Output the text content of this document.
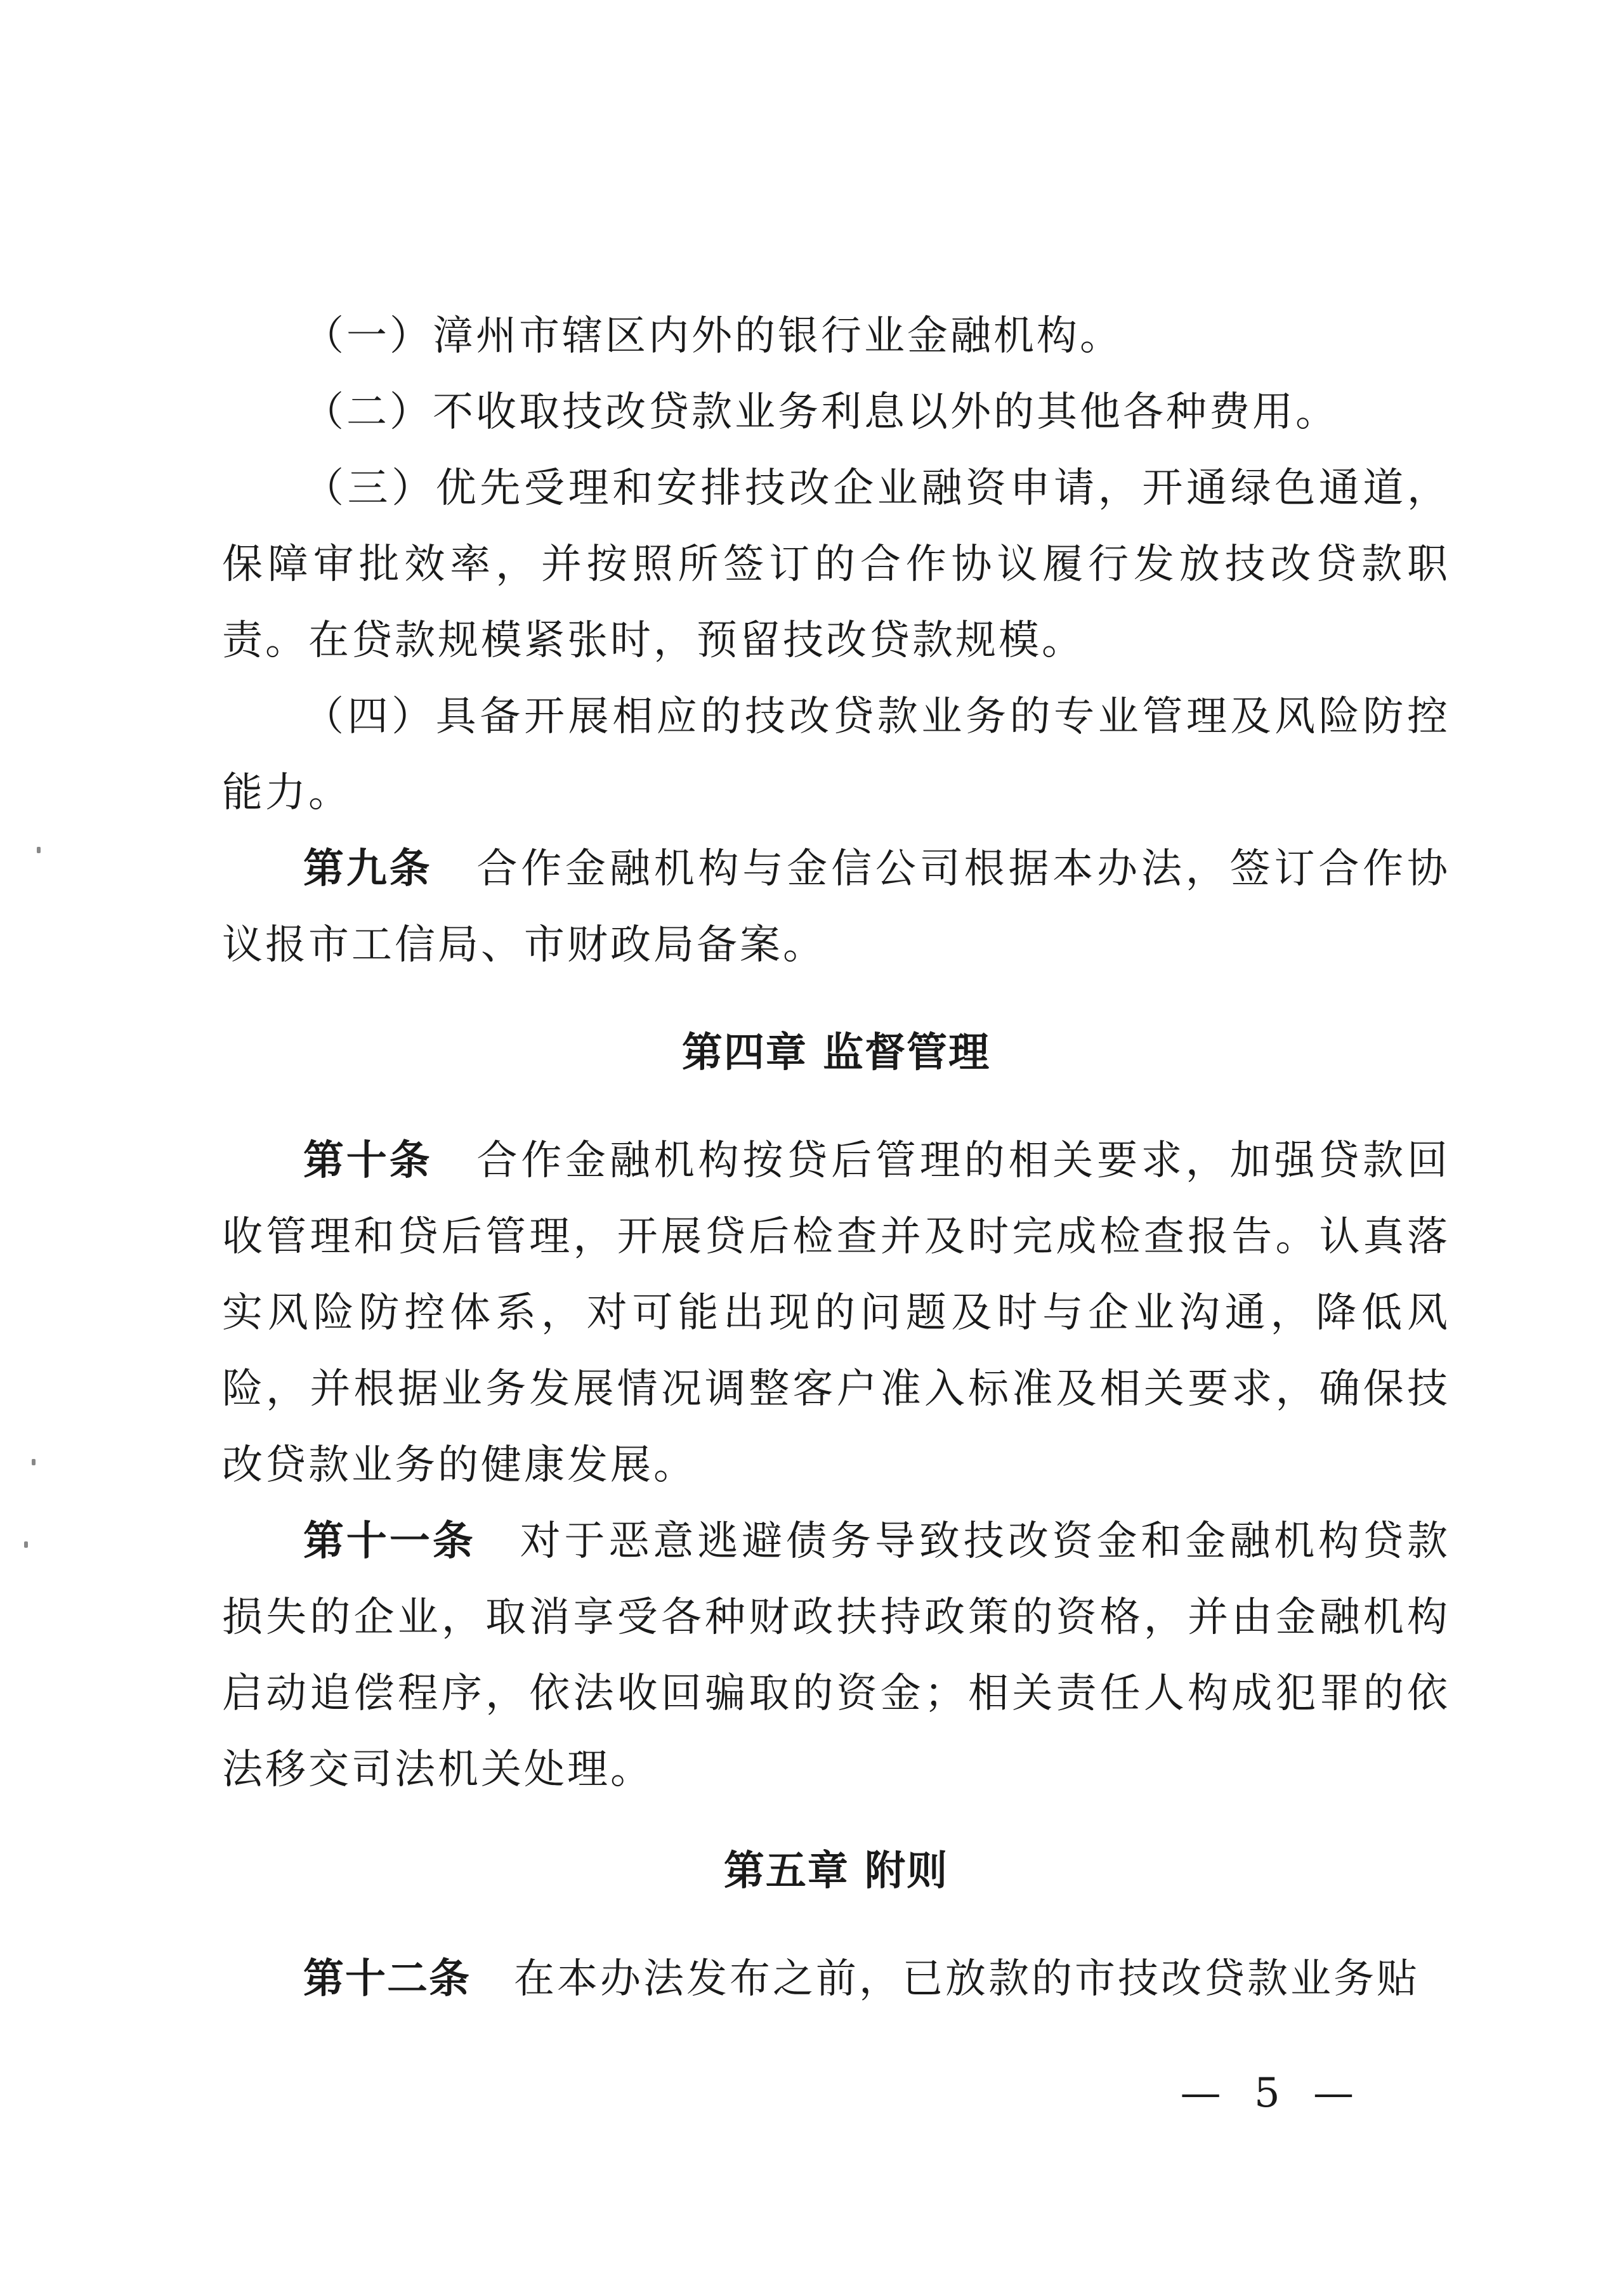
（一）漳州市辖区内外的银行业金融机构。

（二）不收取技改贷款业务利息以外的其他各种费用。

（三）优先受理和安排技改企业融资申请，开通绿色通道，保障审批效率，并按照所签订的合作协议履行发放技改贷款职责。在贷款规模紧张时，预留技改贷款规模。

（四）具备开展相应的技改贷款业务的专业管理及风险防控能力。

第九条  合作金融机构与金信公司根据本办法，签订合作协议报市工信局、市财政局备案。

第四章 监督管理

第十条  合作金融机构按贷后管理的相关要求，加强贷款回收管理和贷后管理，开展贷后检查并及时完成检查报告。认真落实风险防控体系，对可能出现的问题及时与企业沟通，降低风险，并根据业务发展情况调整客户准入标准及相关要求，确保技改贷款业务的健康发展。

第十一条  对于恶意逃避债务导致技改资金和金融机构贷款损失的企业，取消享受各种财政扶持政策的资格，并由金融机构启动追偿程序，依法收回骗取的资金；相关责任人构成犯罪的依法移交司法机关处理。

第五章 附则

第十二条  在本办法发布之前，已放款的市技改贷款业务贴

— 5 —
